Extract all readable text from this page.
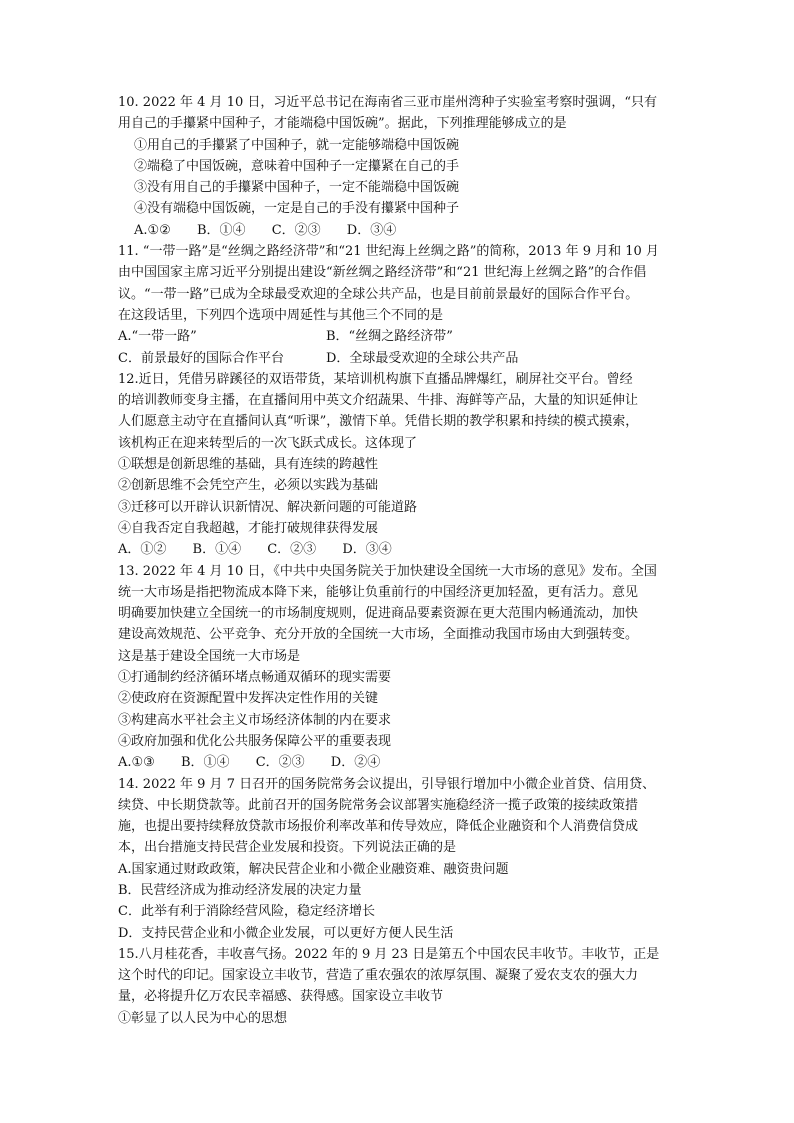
10. 2022 年 4 月 10 日，习近平总书记在海南省三亚市崖州湾种子实验室考察时强调，“只有

用自己的手攥紧中国种子，才能端稳中国饭碗”。据此，下列推理能够成立的是

①用自己的手攥紧了中国种子，就一定能够端稳中国饭碗

②端稳了中国饭碗，意味着中国种子一定攥紧在自己的手

③没有用自己的手攥紧中国种子，一定不能端稳中国饭碗

④没有端稳中国饭碗，一定是自己的手没有攥紧中国种子

A.①② B．①④ C．②③ D．③④

11. “一带一路”是“丝绸之路经济带”和“21 世纪海上丝绸之路”的简称，2013 年 9 月和 10 月

由中国国家主席习近平分别提出建设“新丝绸之路经济带”和“21 世纪海上丝绸之路”的合作倡

议。“一带一路”已成为全球最受欢迎的全球公共产品，也是目前前景最好的国际合作平台。

在这段话里，下列四个选项中周延性与其他三个不同的是

A.“一带一路”	B．“丝绸之路经济带”
C．前景最好的国际合作平台	D．全球最受欢迎的全球公共产品

12.近日，凭借另辟蹊径的双语带货，某培训机构旗下直播品牌爆红，刷屏社交平台。曾经

的培训教师变身主播，在直播间用中英文介绍蔬果、牛排、海鲜等产品，大量的知识延伸让

人们愿意主动守在直播间认真“听课”，激情下单。凭借长期的教学积累和持续的模式摸索，

该机构正在迎来转型后的一次飞跃式成长。这体现了

①联想是创新思维的基础，具有连续的跨越性

②创新思维不会凭空产生，必须以实践为基础

③迁移可以开辟认识新情况、解决新问题的可能道路

④自我否定自我超越，才能打破规律获得发展

A．①② B．①④ C．②③ D．③④

13. 2022 年 4 月 10 日，《中共中央国务院关于加快建设全国统一大市场的意见》发布。全国

统一大市场是指把物流成本降下来，能够让负重前行的中国经济更加轻盈，更有活力。意见

明确要加快建立全国统一的市场制度规则，促进商品要素资源在更大范围内畅通流动，加快

建设高效规范、公平竞争、充分开放的全国统一大市场，全面推动我国市场由大到强转变。

这是基于建设全国统一大市场是

①打通制约经济循环堵点畅通双循环的现实需要

②使政府在资源配置中发挥决定性作用的关键

③构建高水平社会主义市场经济体制的内在要求

④政府加强和优化公共服务保障公平的重要表现

A.①③ B．①④ C．②③ D．②④

14. 2022 年 9 月 7 日召开的国务院常务会议提出，引导银行增加中小微企业首贷、信用贷、

续贷、中长期贷款等。此前召开的国务院常务会议部署实施稳经济一揽子政策的接续政策措

施，也提出要持续释放贷款市场报价利率改革和传导效应，降低企业融资和个人消费信贷成

本，出台措施支持民营企业发展和投资。下列说法正确的是

A.国家通过财政政策，解决民营企业和小微企业融资难、融资贵问题

B．民营经济成为推动经济发展的决定力量

C．此举有利于消除经营风险，稳定经济增长

D．支持民营企业和小微企业发展，可以更好方便人民生活

15.八月桂花香，丰收喜气扬。2022 年的 9 月 23 日是第五个中国农民丰收节。丰收节，正是

这个时代的印记。国家设立丰收节，营造了重农强农的浓厚氛围、凝聚了爱农支农的强大力

量，必将提升亿万农民幸福感、获得感。国家设立丰收节

①彰显了以人民为中心的思想
